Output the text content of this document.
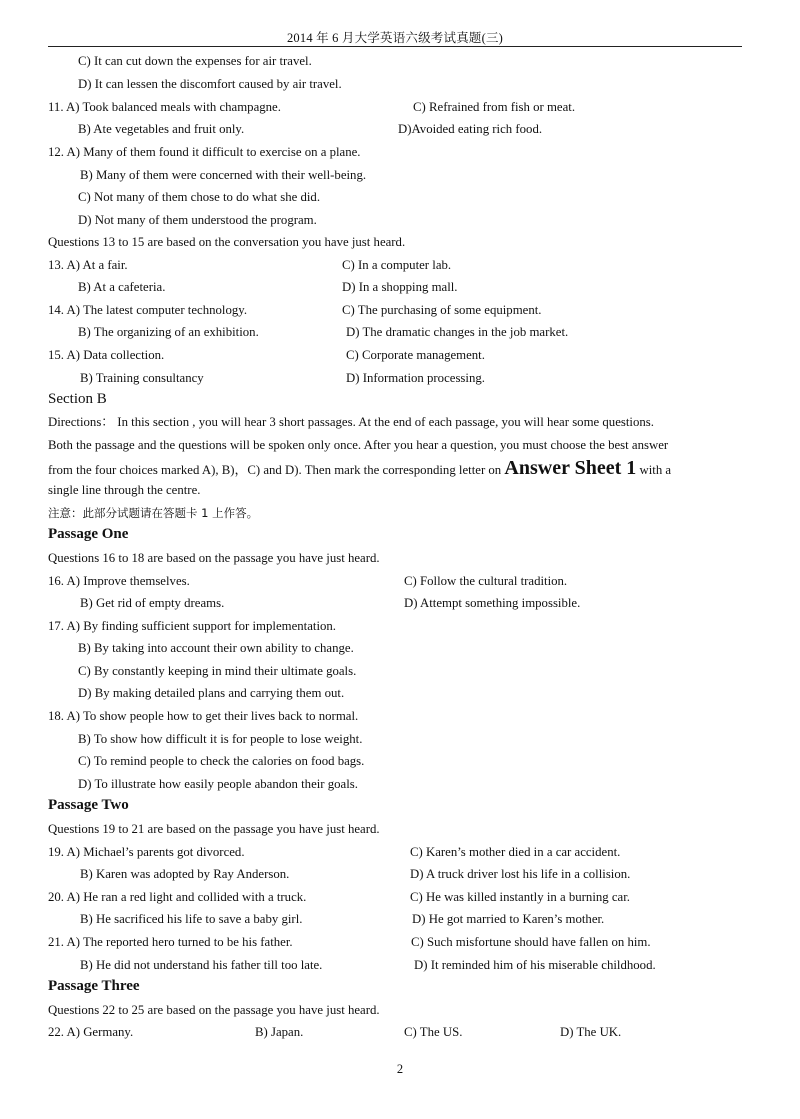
2014 年 6 月大学英语六级考试真题(三)
C) It can cut down the expenses for air travel.
D) It can lessen the discomfort caused by air travel.
11. A) Took balanced meals with champagne.	C) Refrained from fish or meat.
B) Ate vegetables and fruit only.	D)Avoided eating rich food.
12. A) Many of them found it difficult to exercise on a plane.
B) Many of them were concerned with their well-being.
C) Not many of them chose to do what she did.
D) Not many of them understood the program.
Questions 13 to 15 are based on the conversation you have just heard.
13. A) At a fair.	C) In a computer lab.
B) At a cafeteria.	D) In a shopping mall.
14. A) The latest computer technology.	C) The purchasing of some equipment.
B) The organizing of an exhibition.	D) The dramatic changes in the job market.
15. A) Data collection.	C) Corporate management.
B) Training consultancy	D) Information processing.
Section B
Directions： In this section , you will hear 3 short passages. At the end of each passage, you will hear some questions.
Both the passage and the questions will be spoken only once. After you hear a question, you must choose the best answer
from the four choices marked A), B)，C) and D). Then mark the corresponding letter on Answer Sheet 1 with a
single line through the centre.
注意：此部分试题请在答题卡 1 上作答。
Passage One
Questions 16 to 18 are based on the passage you have just heard.
16. A) Improve themselves.	C) Follow the cultural tradition.
B) Get rid of empty dreams.	D) Attempt something impossible.
17. A) By finding sufficient support for implementation.
B) By taking into account their own ability to change.
C) By constantly keeping in mind their ultimate goals.
D) By making detailed plans and carrying them out.
18. A) To show people how to get their lives back to normal.
B) To show how difficult it is for people to lose weight.
C) To remind people to check the calories on food bags.
D) To illustrate how easily people abandon their goals.
Passage Two
Questions 19 to 21 are based on the passage you have just heard.
19. A) Michael’s parents got divorced.	C) Karen’s mother died in a car accident.
B) Karen was adopted by Ray Anderson.	D) A truck driver lost his life in a collision.
20. A) He ran a red light and collided with a truck.	C) He was killed instantly in a burning car.
B) He sacrificed his life to save a baby girl.	D) He got married to Karen’s mother.
21. A) The reported hero turned to be his father.	C) Such misfortune should have fallen on him.
B) He did not understand his father till too late.	D) It reminded him of his miserable childhood.
Passage Three
Questions 22 to 25 are based on the passage you have just heard.
22. A) Germany.	B) Japan.	C) The US.	D) The UK.
2
